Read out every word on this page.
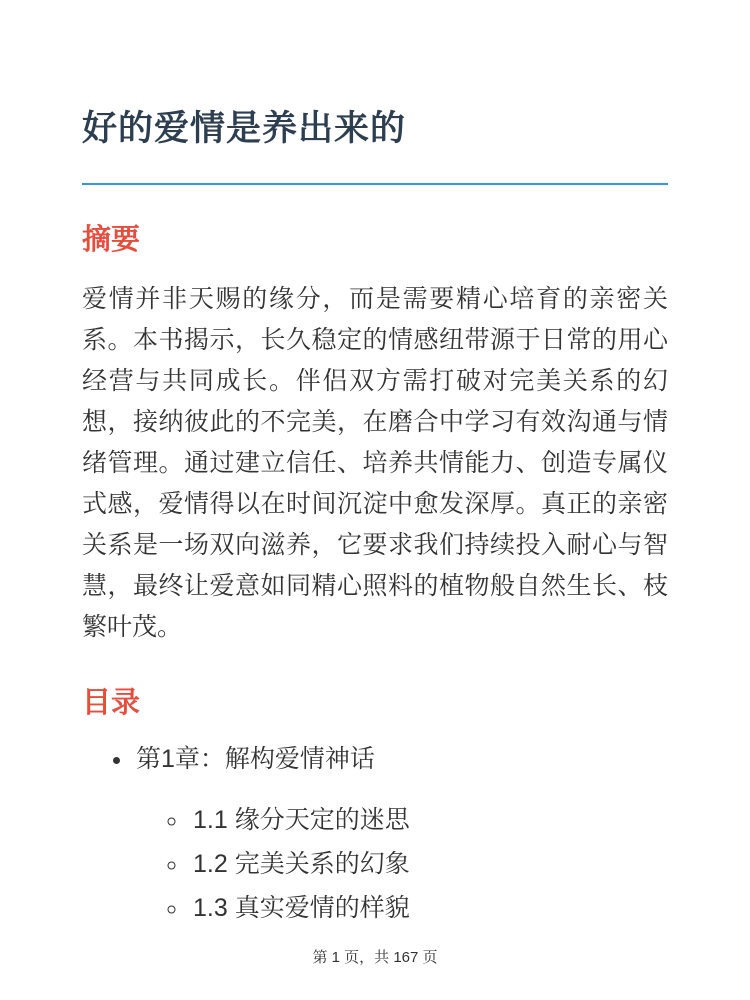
好的爱情是养出来的
摘要

爱情并非天赐的缘分，而是需要精心培育的亲密关系。本书揭示，长久稳定的情感纽带源于日常的用心经营与共同成长。伴侣双方需打破对完美关系的幻想，接纳彼此的不完美，在磨合中学习有效沟通与情绪管理。通过建立信任、培养共情能力、创造专属仪式感，爱情得以在时间沉淀中愈发深厚。真正的亲密关系是一场双向滋养，它要求我们持续投入耐心与智慧，最终让爱意如同精心照料的植物般自然生长、枝繁叶茂。

目录
• 第1章：解构爱情神话
◦ 1.1 缘分天定的迷思
◦ 1.2 完美关系的幻象
◦ 1.3 真实爱情的样貌
第 1 页，共 167 页
